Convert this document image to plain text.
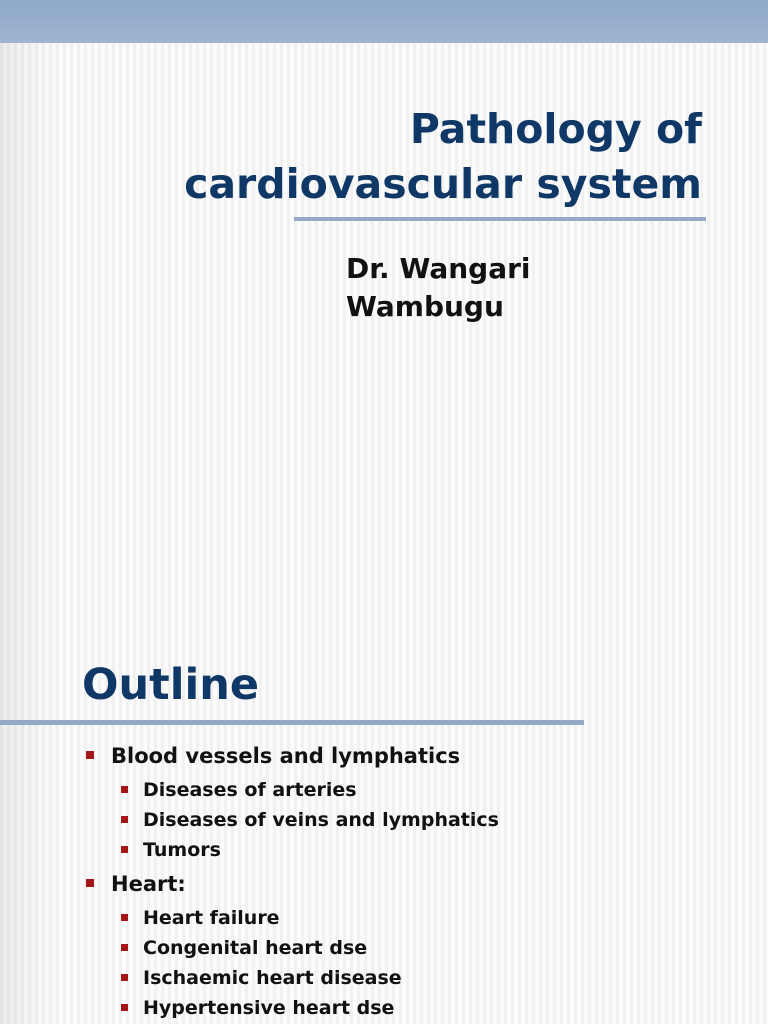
Pathology of
cardiovascular system

Dr. Wangari
Wambugu

Outline
Blood vessels and lymphatics
Diseases of arteries
Diseases of veins and lymphatics
Tumors
Heart:
Heart failure
Congenital heart dse
Ischaemic heart disease
Hypertensive heart dse
